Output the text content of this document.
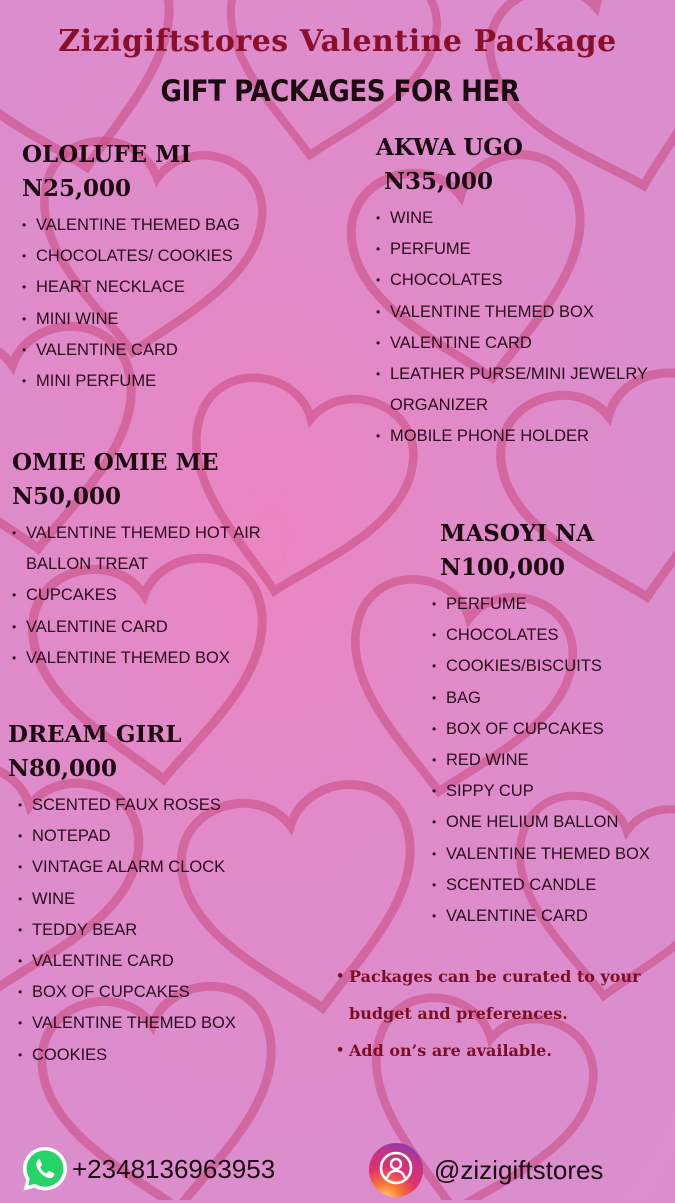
Zizigiftstores Valentine Package
GIFT PACKAGES FOR HER
OLOLUFE MI
N25,000
• VALENTINE THEMED BAG
• CHOCOLATES/ COOKIES
• HEART NECKLACE
• MINI WINE
• VALENTINE CARD
• MINI PERFUME
AKWA UGO
N35,000
• WINE
• PERFUME
• CHOCOLATES
• VALENTINE THEMED BOX
• VALENTINE CARD
• LEATHER PURSE/MINI JEWELRY ORGANIZER
• MOBILE PHONE HOLDER
OMIE OMIE ME
N50,000
• VALENTINE THEMED HOT AIR BALLON TREAT
• CUPCAKES
• VALENTINE CARD
• VALENTINE THEMED BOX
MASOYI NA
N100,000
• PERFUME
• CHOCOLATES
• COOKIES/BISCUITS
• BAG
• BOX OF CUPCAKES
• RED WINE
• SIPPY CUP
• ONE HELIUM BALLON
• VALENTINE THEMED BOX
• SCENTED CANDLE
• VALENTINE CARD
DREAM GIRL
N80,000
• SCENTED FAUX ROSES
• NOTEPAD
• VINTAGE ALARM CLOCK
• WINE
• TEDDY BEAR
• VALENTINE CARD
• BOX OF CUPCAKES
• VALENTINE THEMED BOX
• COOKIES
• Packages can be curated to your budget and preferences.
• Add on’s are available.
+2348136963953	@zizigiftstores
